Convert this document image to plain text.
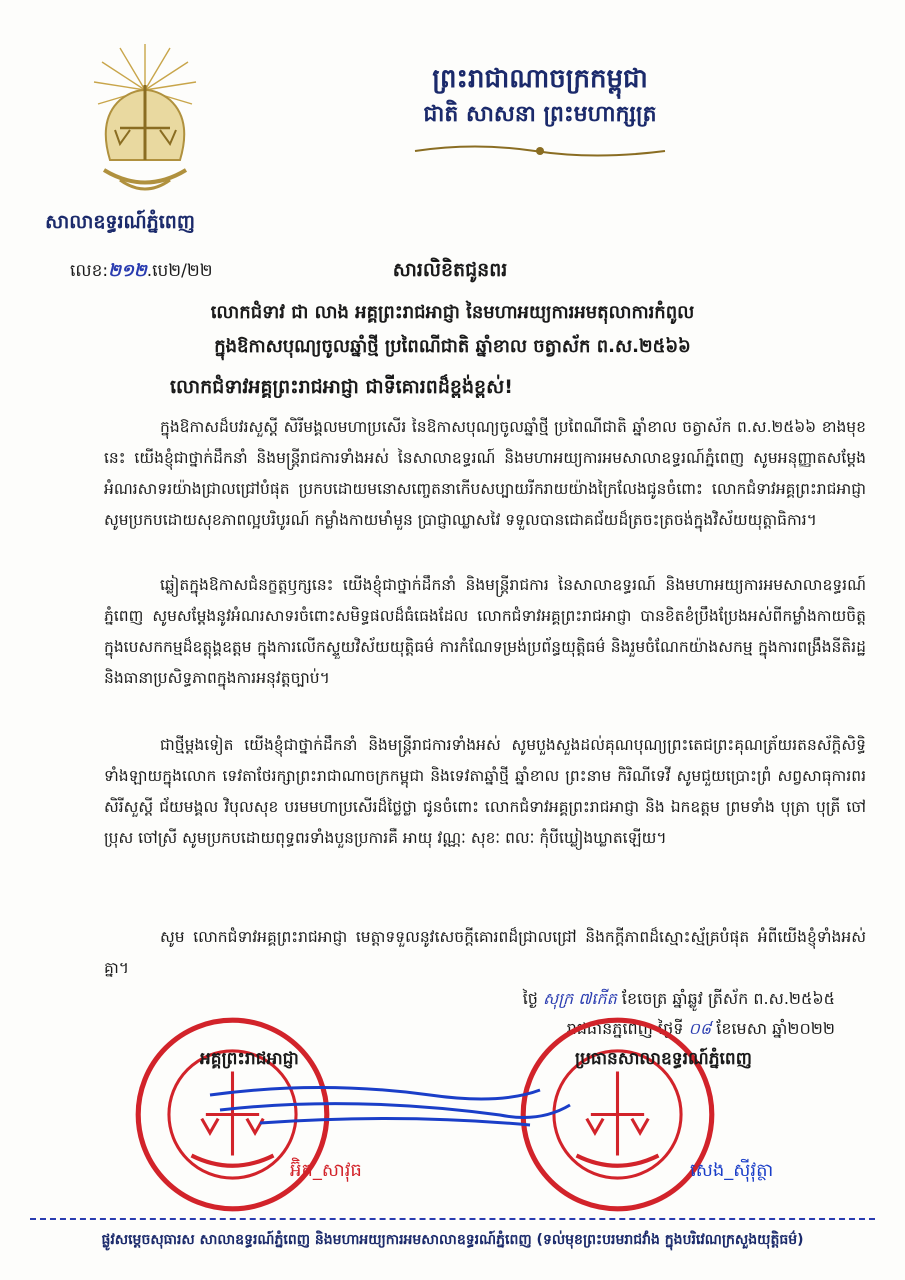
សាលាឧទ្ធរណ៍ភ្នំពេញ
ព្រះរាជាណាចក្រកម្ពុជា
ជាតិ សាសនា ព្រះមហាក្សត្រ
លេខ:២១២.បេ២/២២	សារលិខិតជូនពរ
លោកជំទាវ ជា លាង អគ្គព្រះរាជអាជ្ញា នៃមហាអយ្យការអមតុលាការកំពូល
ក្នុងឱកាសបុណ្យចូលឆ្នាំថ្មី ប្រពៃណីជាតិ ឆ្នាំខាល ចត្វាស័ក ព.ស.២៥៦៦
លោកជំទាវអគ្គព្រះរាជអាជ្ញា ជាទីគោរពដ៏ខ្ពង់ខ្ពស់!
ក្នុងឱកាសដ៏បវរសួស្តី សិរីមង្គលមហាប្រសើរ នៃឱកាសបុណ្យចូលឆ្នាំថ្មី ប្រពៃណីជាតិ ឆ្នាំខាល ចត្វាស័ក ព.ស.២៥៦៦ ខាងមុខនេះ យើងខ្ញុំជាថ្នាក់ដឹកនាំ និងមន្ត្រីរាជការទាំងអស់ នៃសាលាឧទ្ធរណ៍ និងមហាអយ្យការអមសាលាឧទ្ធរណ៍ភ្នំពេញ សូមអនុញ្ញាតសម្តែងអំណរសាទរយ៉ាងជ្រាលជ្រៅបំផុត ប្រកបដោយមនោសញ្ចេតនាកើបសប្បាយរីករាយយ៉ាងក្រៃលែងជូនចំពោះ លោកជំទាវអគ្គព្រះរាជអាជ្ញា សូមប្រកបដោយសុខភាពល្អបរិបូរណ៍ កម្លាំងកាយមាំមួន ប្រាជ្ញាឈ្លាសវៃ ទទួលបានជោគជ័យដ៏ត្រចះត្រចង់ក្នុងវិស័យយុត្តាធិការ។
ឆ្លៀតក្នុងឱកាសជំនក្ខត្តឫក្សនេះ យើងខ្ញុំជាថ្នាក់ដឹកនាំ និងមន្ត្រីរាជការ នៃសាលាឧទ្ធរណ៍ និងមហាអយ្យការអមសាលាឧទ្ធរណ៍ភ្នំពេញ សូមសម្តែងនូវអំណរសាទរចំពោះសមិទ្ធផលដ៏ធំធេងដែល លោកជំទាវអគ្គព្រះរាជអាជ្ញា បានខិតខំប្រឹងប្រែងអស់ពីកម្លាំងកាយចិត្ត ក្នុងបេសកកម្មដ៏ឧត្តុង្គឧត្តម ក្នុងការលើកស្ទួយវិស័យយុត្តិធម៌ ការកំណែទម្រង់ប្រព័ន្ធយុត្តិធម៌ និងរួមចំណែកយ៉ាងសកម្ម ក្នុងការពង្រឹងនីតិរដ្ឋ និងធានាប្រសិទ្ធភាពក្នុងការអនុវត្តច្បាប់។
ជាថ្មីម្តងទៀត យើងខ្ញុំជាថ្នាក់ដឹកនាំ និងមន្ត្រីរាជការទាំងអស់ សូមបួងសួងដល់គុណបុណ្យព្រះតេជព្រះគុណត្រ័យរតនស័ក្តិសិទ្ធិទាំងឡាយក្នុងលោក ទេវតាថែរក្សាព្រះរាជាណាចក្រកម្ពុជា និងទេវតាឆ្នាំថ្មី ឆ្នាំខាល ព្រះនាម កិរិណីទេវី សូមជួយប្រោះព្រំ សព្វសាធុការពរ សិរីសួស្តី ជ័យមង្គល វិបុលសុខ បរមមហាប្រសើរដ៏ថ្លៃថ្លា ជូនចំពោះ លោកជំទាវអគ្គព្រះរាជអាជ្ញា និង ឯកឧត្តម ព្រមទាំង បុត្រា បុត្រី ចៅប្រុស ចៅស្រី សូមប្រកបដោយពុទ្ធពរទាំងបួនប្រការគឺ អាយុ វណ្ណៈ សុខៈ ពលៈ កុំបីឃ្លៀងឃ្លាតឡើយ។
សូម លោកជំទាវអគ្គព្រះរាជអាជ្ញា មេត្តាទទួលនូវសេចក្តីគោរពដ៏ជ្រាលជ្រៅ និងកក្តីភាពដ៏ស្មោះស្ម័គ្របំផុត អំពីយើងខ្ញុំទាំងអស់គ្នា។
ថ្ងៃ សុក្រ ៧កើត ខែចេត្រ ឆ្នាំឆ្លូវ ត្រីស័ក ព.ស.២៥៦៥
រាជធានីភ្នំពេញ ថ្ងៃទី ០៨ ខែមេសា ឆ្នាំ២០២២
អគ្គព្រះរាជអាជ្ញា	ប្រធានសាលាឧទ្ធរណ៍ភ្នំពេញ
អ៊ិត_សាវុធ	សេង_ស៊ីវុត្ថា
ផ្លូវសម្តេចសុធារស សាលាឧទ្ធរណ៍ភ្នំពេញ និងមហាអយ្យការអមសាលាឧទ្ធរណ៍ភ្នំពេញ (ទល់មុខព្រះបរមរាជវាំង ក្នុងបរិវេណក្រសួងយុត្តិធម៌)
